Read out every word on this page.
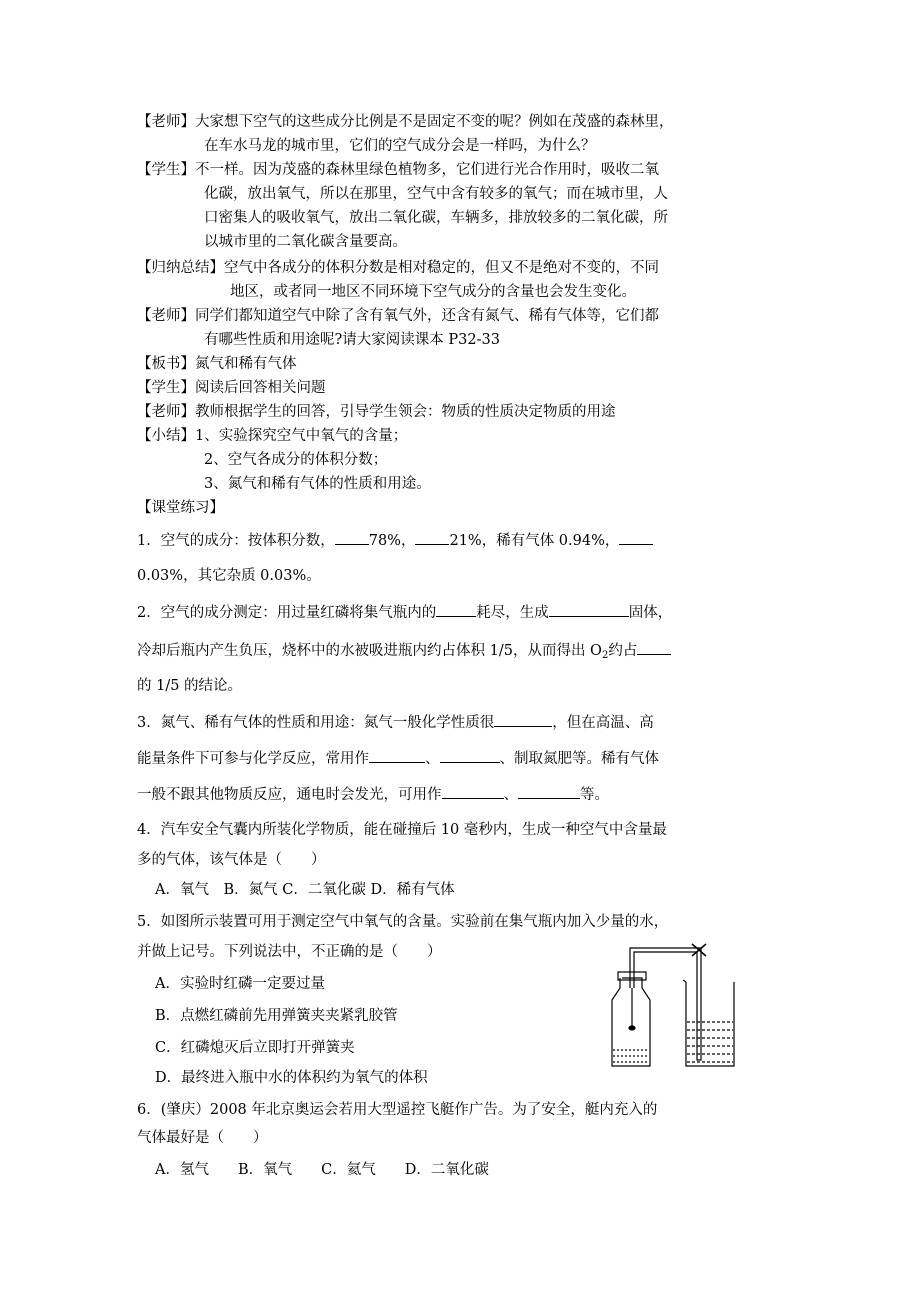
【老师】大家想下空气的这些成分比例是不是固定不变的呢？例如在茂盛的森林里，
在车水马龙的城市里，它们的空气成分会是一样吗，为什么？
【学生】不一样。因为茂盛的森林里绿色植物多，它们进行光合作用时，吸收二氧
化碳，放出氧气，所以在那里，空气中含有较多的氧气；而在城市里，人
口密集人的吸收氧气，放出二氧化碳，车辆多，排放较多的二氧化碳，所
以城市里的二氧化碳含量要高。
【归纳总结】空气中各成分的体积分数是相对稳定的，但又不是绝对不变的，不同
地区，或者同一地区不同环境下空气成分的含量也会发生变化。
【老师】同学们都知道空气中除了含有氧气外，还含有氮气、稀有气体等，它们都
有哪些性质和用途呢?请大家阅读课本 P32-33
【板书】氮气和稀有气体
【学生】阅读后回答相关问题
【老师】教师根据学生的回答，引导学生领会：物质的性质决定物质的用途
【小结】1、实验探究空气中氧气的含量；
2、空气各成分的体积分数；
3、氮气和稀有气体的性质和用途。
【课堂练习】
1．空气的成分：按体积分数， 78%， 21%，稀有气体 0.94%，
0.03%，其它杂质 0.03%。
2．空气的成分测定：用过量红磷将集气瓶内的	耗尽，生成	固体，
冷却后瓶内产生负压，烧杯中的水被吸进瓶内约占体积 1/5，从而得出 $O_2$约占
的 1/5 的结论。
3．氮气、稀有气体的性质和用途：氮气一般化学性质很	，但在高温、高
能量条件下可参与化学反应，常用作	、	、制取氮肥等。稀有气体
一般不跟其他物质反应，通电时会发光，可用作	、	等。
4．汽车安全气囊内所装化学物质，能在碰撞后 10 毫秒内，生成一种空气中含量最
多的气体，该气体是（　　）
A．氧气　B．氮气 C．二氧化碳 D．稀有气体
5．如图所示装置可用于测定空气中氧气的含量。实验前在集气瓶内加入少量的水，
并做上记号。下列说法中，不正确的是（　　）
A．实验时红磷一定要过量
B．点燃红磷前先用弹簧夹夹紧乳胶管
C．红磷熄灭后立即打开弹簧夹
D．最终进入瓶中水的体积约为氧气的体积
6．(肇庆）2008 年北京奥运会若用大型遥控飞艇作广告。为了安全，艇内充入的
气体最好是（　　）
A．氢气　　B．氧气　　C．氦气　　D．二氧化碳
